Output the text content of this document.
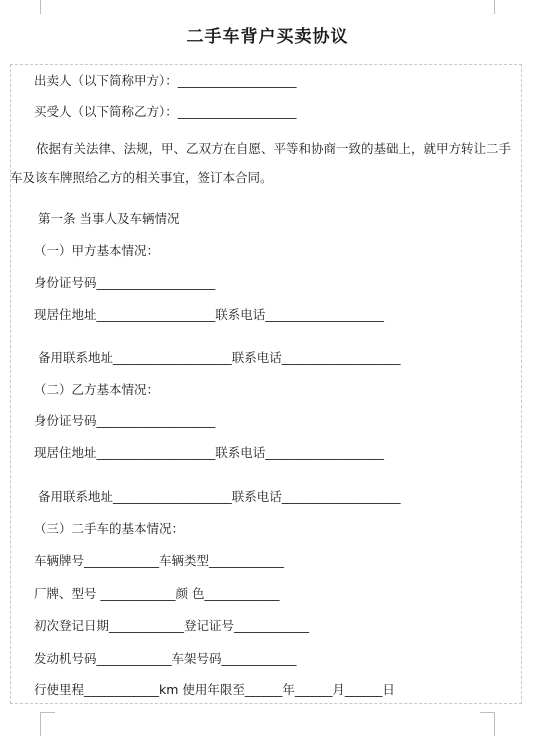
二手车背户买卖协议
出卖人（以下简称甲方）：___________________
买受人（以下简称乙方）：___________________
依据有关法律、法规，甲、乙双方在自愿、平等和协商一致的基础上，就甲方转让二手车及该车牌照给乙方的相关事宜，签订本合同。
第一条 当事人及车辆情况
（一）甲方基本情况：
身份证号码___________________
现居住地址___________________联系电话___________________
备用联系地址___________________联系电话___________________
（二）乙方基本情况：
身份证号码___________________
现居住地址___________________联系电话___________________
备用联系地址___________________联系电话___________________
（三）二手车的基本情况：
车辆牌号____________车辆类型____________
厂牌、型号 ____________颜 色____________
初次登记日期____________登记证号____________
发动机号码____________车架号码____________
行使里程____________km 使用年限至______年______月______日
